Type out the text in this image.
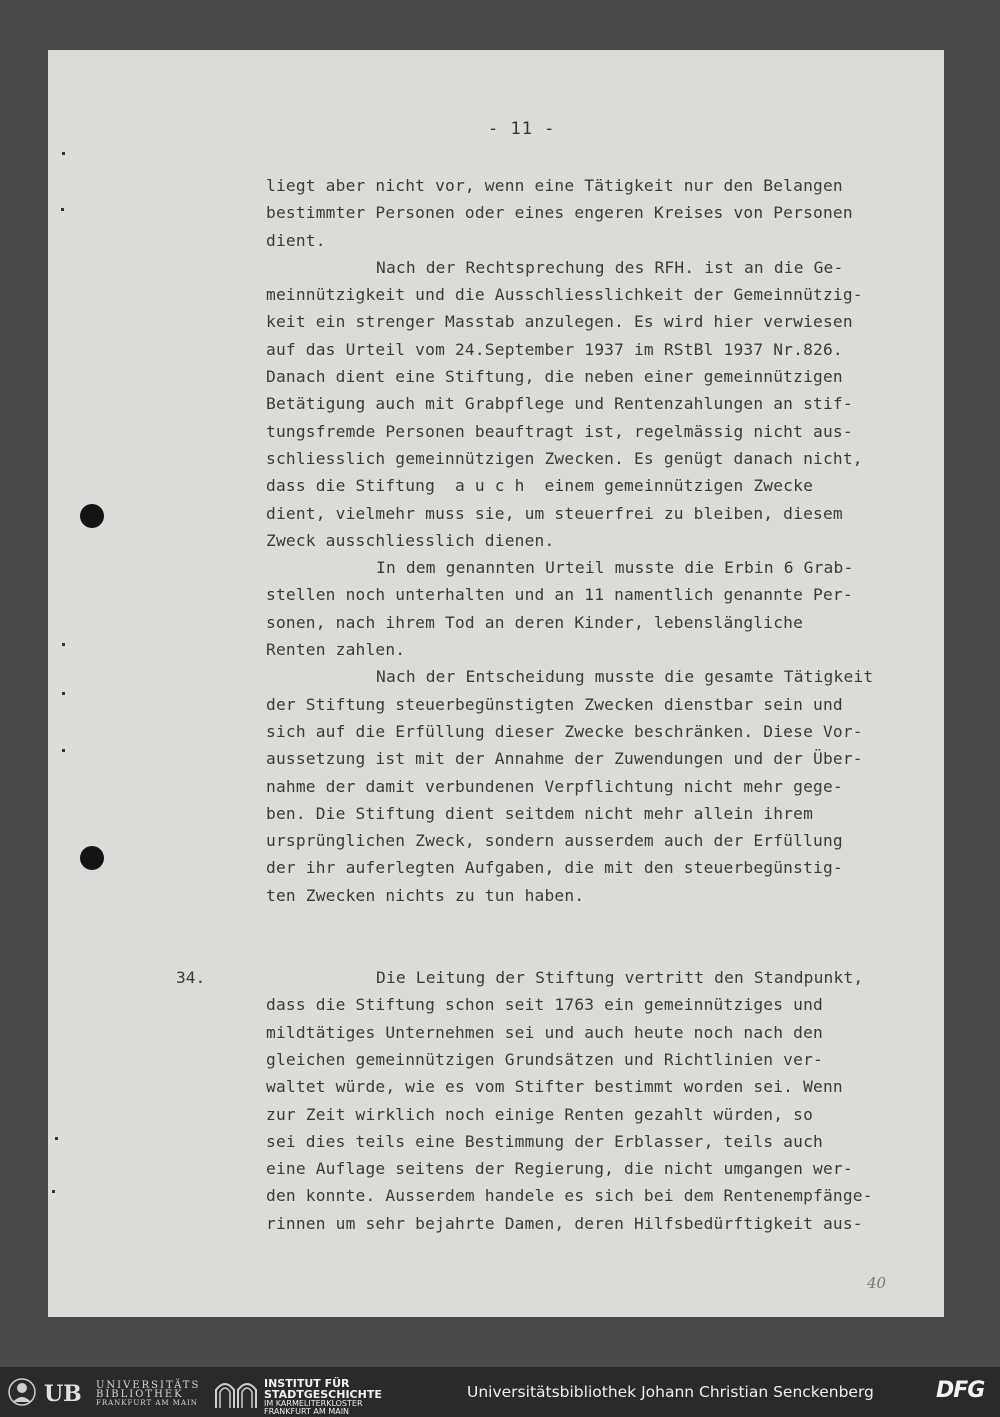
- 11 -
liegt aber nicht vor, wenn eine Tätigkeit nur den Belangen
bestimmter Personen oder eines engeren Kreises von Personen
dient.
Nach der Rechtsprechung des RFH. ist an die Ge-
meinnützigkeit und die Ausschliesslichkeit der Gemeinnützig-
keit ein strenger Masstab anzulegen. Es wird hier verwiesen
auf das Urteil vom 24.September 1937 im RStBl 1937 Nr.826.
Danach dient eine Stiftung, die neben einer gemeinnützigen
Betätigung auch mit Grabpflege und Rentenzahlungen an stif-
tungsfremde Personen beauftragt ist, regelmässig nicht aus-
schliesslich gemeinnützigen Zwecken. Es genügt danach nicht,
dass die Stiftung  a u c h  einem gemeinnützigen Zwecke
dient, vielmehr muss sie, um steuerfrei zu bleiben, diesem
Zweck ausschliesslich dienen.
In dem genannten Urteil musste die Erbin 6 Grab-
stellen noch unterhalten und an 11 namentlich genannte Per-
sonen, nach ihrem Tod an deren Kinder, lebenslängliche
Renten zahlen.
Nach der Entscheidung musste die gesamte Tätigkeit
der Stiftung steuerbegünstigten Zwecken dienstbar sein und
sich auf die Erfüllung dieser Zwecke beschränken. Diese Vor-
aussetzung ist mit der Annahme der Zuwendungen und der Über-
nahme der damit verbundenen Verpflichtung nicht mehr gege-
ben. Die Stiftung dient seitdem nicht mehr allein ihrem
ursprünglichen Zweck, sondern ausserdem auch der Erfüllung
der ihr auferlegten Aufgaben, die mit den steuerbegünstig-
ten Zwecken nichts zu tun haben.
Die Leitung der Stiftung vertritt den Standpunkt,
dass die Stiftung schon seit 1763 ein gemeinnütziges und
mildtätiges Unternehmen sei und auch heute noch nach den
gleichen gemeinnützigen Grundsätzen und Richtlinien ver-
waltet würde, wie es vom Stifter bestimmt worden sei. Wenn
zur Zeit wirklich noch einige Renten gezahlt würden, so
sei dies teils eine Bestimmung der Erblasser, teils auch
eine Auflage seitens der Regierung, die nicht umgangen wer-
den konnte. Ausserdem handele es sich bei dem Rentenempfänge-
rinnen um sehr bejahrte Damen, deren Hilfsbedürftigkeit aus-
34.
40
UB UNIVERSITÄTS
BIBLIOTHEK
FRANKFURT AM MAIN
INSTITUT FÜR
STADTGESCHICHTE
IM KARMELITERKLOSTER
FRANKFURT AM MAIN
Universitätsbibliothek Johann Christian Senckenberg	DFG
